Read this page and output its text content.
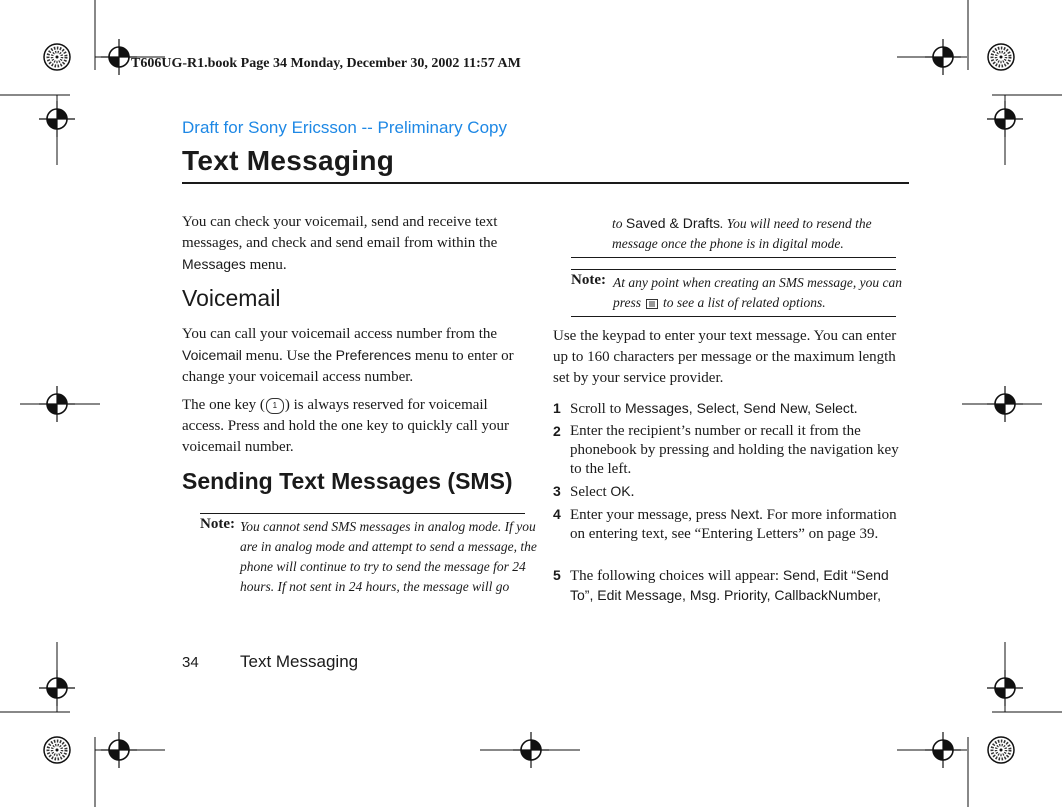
T606UG-R1.book Page 34 Monday, December 30, 2002 11:57 AM
Draft for Sony Ericsson -- Preliminary Copy
Text Messaging
You can check your voicemail, send and receive text messages, and check and send email from within the Messages menu.
Voicemail
You can call your voicemail access number from the Voicemail menu. Use the Preferences menu to enter or change your voicemail access number.
The one key ( 1 ) is always reserved for voicemail access. Press and hold the one key to quickly call your voicemail number.
Sending Text Messages (SMS)
Note: You cannot send SMS messages in analog mode. If you are in analog mode and attempt to send a message, the phone will continue to try to send the message for 24 hours. If not sent in 24 hours, the message will go
to Saved & Drafts. You will need to resend the message once the phone is in digital mode.
Note: At any point when creating an SMS message, you can
press to see a list of related options.
Use the keypad to enter your text message. You can enter up to 160 characters per message or the maximum length set by your service provider.
1 Scroll to Messages, Select, Send New, Select.
2 Enter the recipient’s number or recall it from the phonebook by pressing and holding the navigation key to the left.
3 Select OK.
4 Enter your message, press Next. For more information on entering text, see “Entering Letters” on page 39.
5 The following choices will appear: Send, Edit “Send To”, Edit Message, Msg. Priority, CallbackNumber,
34 Text Messaging
